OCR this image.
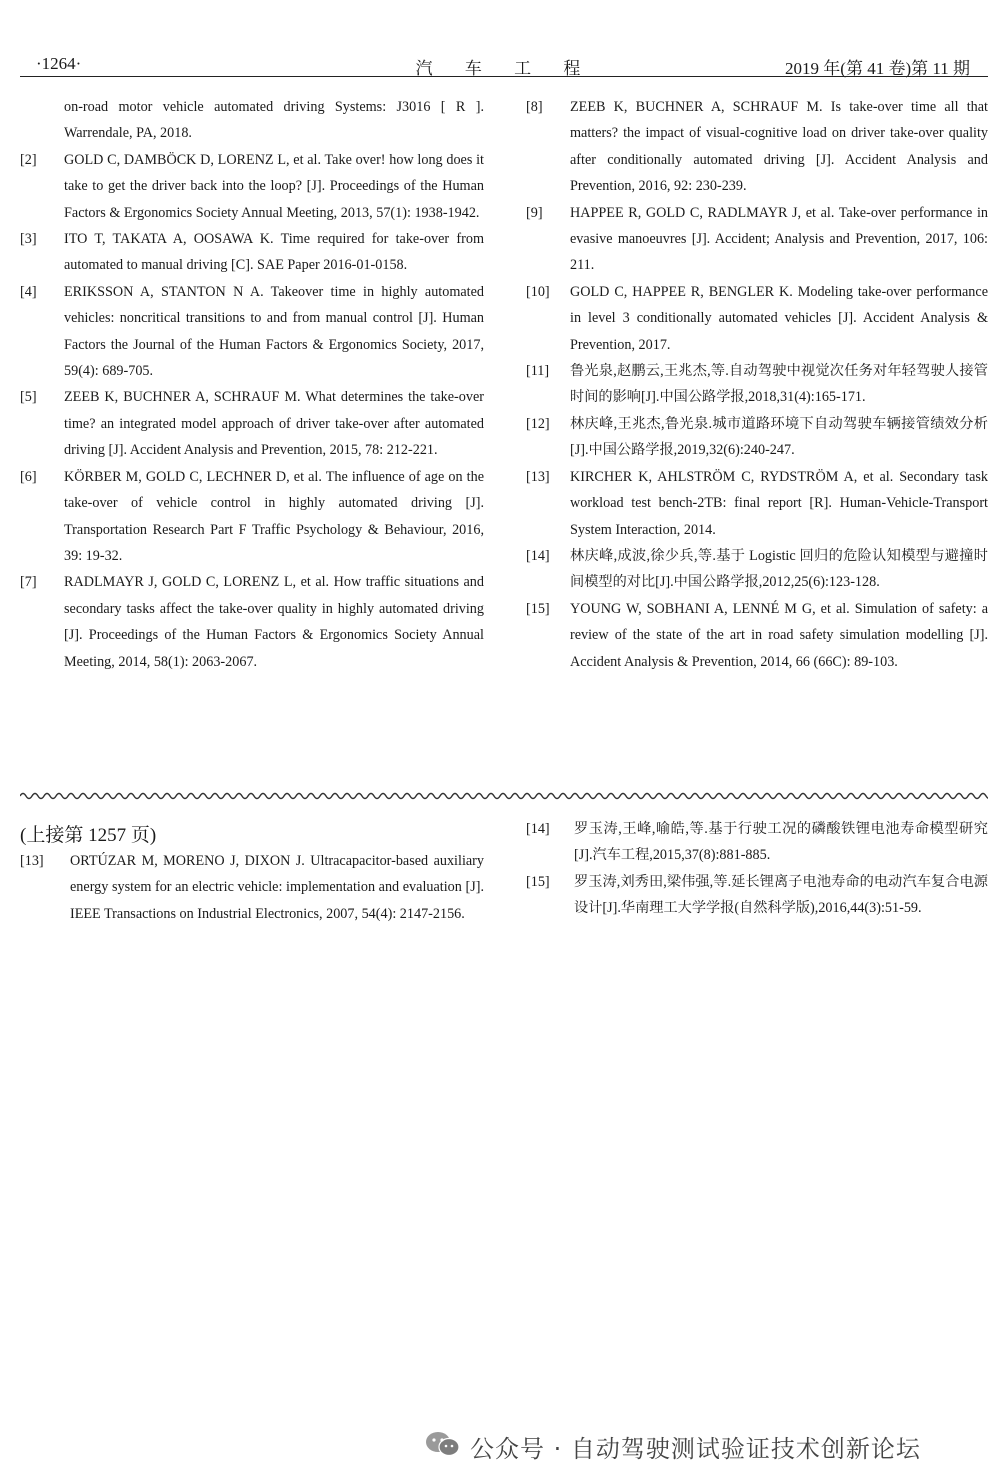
·1264·	汽 车 工 程	2019 年(第 41 卷)第 11 期
on-road motor vehicle automated driving Systems: J3016 [ R ]. Warrendale, PA, 2018.
[2] GOLD C, DAMBÖCK D, LORENZ L, et al. Take over! how long does it take to get the driver back into the loop? [J]. Proceedings of the Human Factors & Ergonomics Society Annual Meeting, 2013, 57(1): 1938-1942.
[3] ITO T, TAKATA A, OOSAWA K. Time required for take-over from automated to manual driving [C]. SAE Paper 2016-01-0158.
[4] ERIKSSON A, STANTON N A. Takeover time in highly automated vehicles: noncritical transitions to and from manual control [J]. Human Factors the Journal of the Human Factors & Ergonomics Society, 2017, 59(4): 689-705.
[5] ZEEB K, BUCHNER A, SCHRAUF M. What determines the take-over time? an integrated model approach of driver take-over after automated driving [J]. Accident Analysis and Prevention, 2015, 78: 212-221.
[6] KÖRBER M, GOLD C, LECHNER D, et al. The influence of age on the take-over of vehicle control in highly automated driving [J]. Transportation Research Part F Traffic Psychology & Behaviour, 2016, 39: 19-32.
[7] RADLMAYR J, GOLD C, LORENZ L, et al. How traffic situations and secondary tasks affect the take-over quality in highly automated driving [J]. Proceedings of the Human Factors & Ergonomics Society Annual Meeting, 2014, 58(1): 2063-2067.
[8] ZEEB K, BUCHNER A, SCHRAUF M. Is take-over time all that matters? the impact of visual-cognitive load on driver take-over quality after conditionally automated driving [J]. Accident Analysis and Prevention, 2016, 92: 230-239.
[9] HAPPEE R, GOLD C, RADLMAYR J, et al. Take-over performance in evasive manoeuvres [J]. Accident; Analysis and Prevention, 2017, 106: 211.
[10] GOLD C, HAPPEE R, BENGLER K. Modeling take-over performance in level 3 conditionally automated vehicles [J]. Accident Analysis & Prevention, 2017.
[11] 鲁光泉,赵鹏云,王兆杰,等.自动驾驶中视觉次任务对年轻驾驶人接管时间的影响[J].中国公路学报,2018,31(4):165-171.
[12] 林庆峰,王兆杰,鲁光泉.城市道路环境下自动驾驶车辆接管绩效分析[J].中国公路学报,2019,32(6):240-247.
[13] KIRCHER K, AHLSTRÖM C, RYDSTRÖM A, et al. Secondary task workload test bench-2TB: final report [R]. Human-Vehicle-Transport System Interaction, 2014.
[14] 林庆峰,成波,徐少兵,等.基于 Logistic 回归的危险认知模型与避撞时间模型的对比[J].中国公路学报,2012,25(6):123-128.
[15] YOUNG W, SOBHANI A, LENNÉ M G, et al. Simulation of safety: a review of the state of the art in road safety simulation modelling [J]. Accident Analysis & Prevention, 2014, 66 (66C): 89-103.
(上接第 1257 页)
[13] ORTÚZAR M, MORENO J, DIXON J. Ultracapacitor-based auxiliary energy system for an electric vehicle: implementation and evaluation [J]. IEEE Transactions on Industrial Electronics, 2007, 54(4): 2147-2156.
[14] 罗玉涛,王峰,喻皓,等.基于行驶工况的磷酸铁锂电池寿命模型研究[J].汽车工程,2015,37(8):881-885.
[15] 罗玉涛,刘秀田,梁伟强,等.延长锂离子电池寿命的电动汽车复合电源设计[J].华南理工大学学报(自然科学版),2016,44(3):51-59.
公众号 · 自动驾驶测试验证技术创新论坛
